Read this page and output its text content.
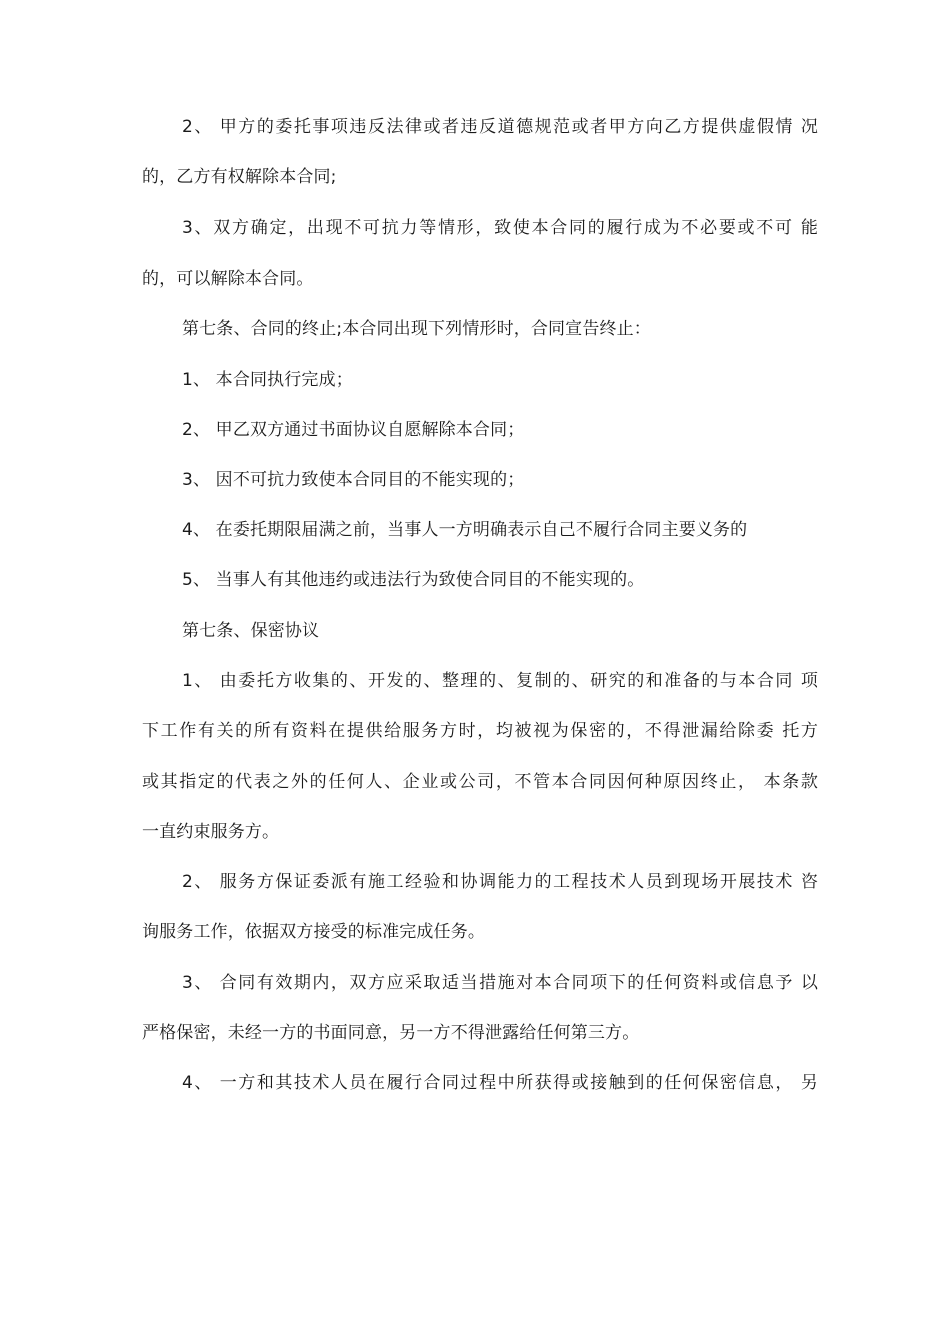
2、 甲方的委托事项违反法律或者违反道德规范或者甲方向乙方提供虚假情 况
的，乙方有权解除本合同;
3、双方确定，出现不可抗力等情形，致使本合同的履行成为不必要或不可 能
的，可以解除本合同。
第七条、合同的终止;本合同出现下列情形时，合同宣告终止：
1、 本合同执行完成；
2、 甲乙双方通过书面协议自愿解除本合同；
3、 因不可抗力致使本合同目的不能实现的；
4、 在委托期限届满之前，当事人一方明确表示自己不履行合同主要义务的
5、 当事人有其他违约或违法行为致使合同目的不能实现的。
第七条、保密协议
1、 由委托方收集的、开发的、整理的、复制的、研究的和准备的与本合同 项
下工作有关的所有资料在提供给服务方时，均被视为保密的，不得泄漏给除委 托方
或其指定的代表之外的任何人、企业或公司，不管本合同因何种原因终止， 本条款
一直约束服务方。
2、 服务方保证委派有施工经验和协调能力的工程技术人员到现场开展技术 咨
询服务工作，依据双方接受的标准完成任务。
3、 合同有效期内，双方应采取适当措施对本合同项下的任何资料或信息予 以
严格保密，未经一方的书面同意，另一方不得泄露给任何第三方。
4、 一方和其技术人员在履行合同过程中所获得或接触到的任何保密信息， 另
